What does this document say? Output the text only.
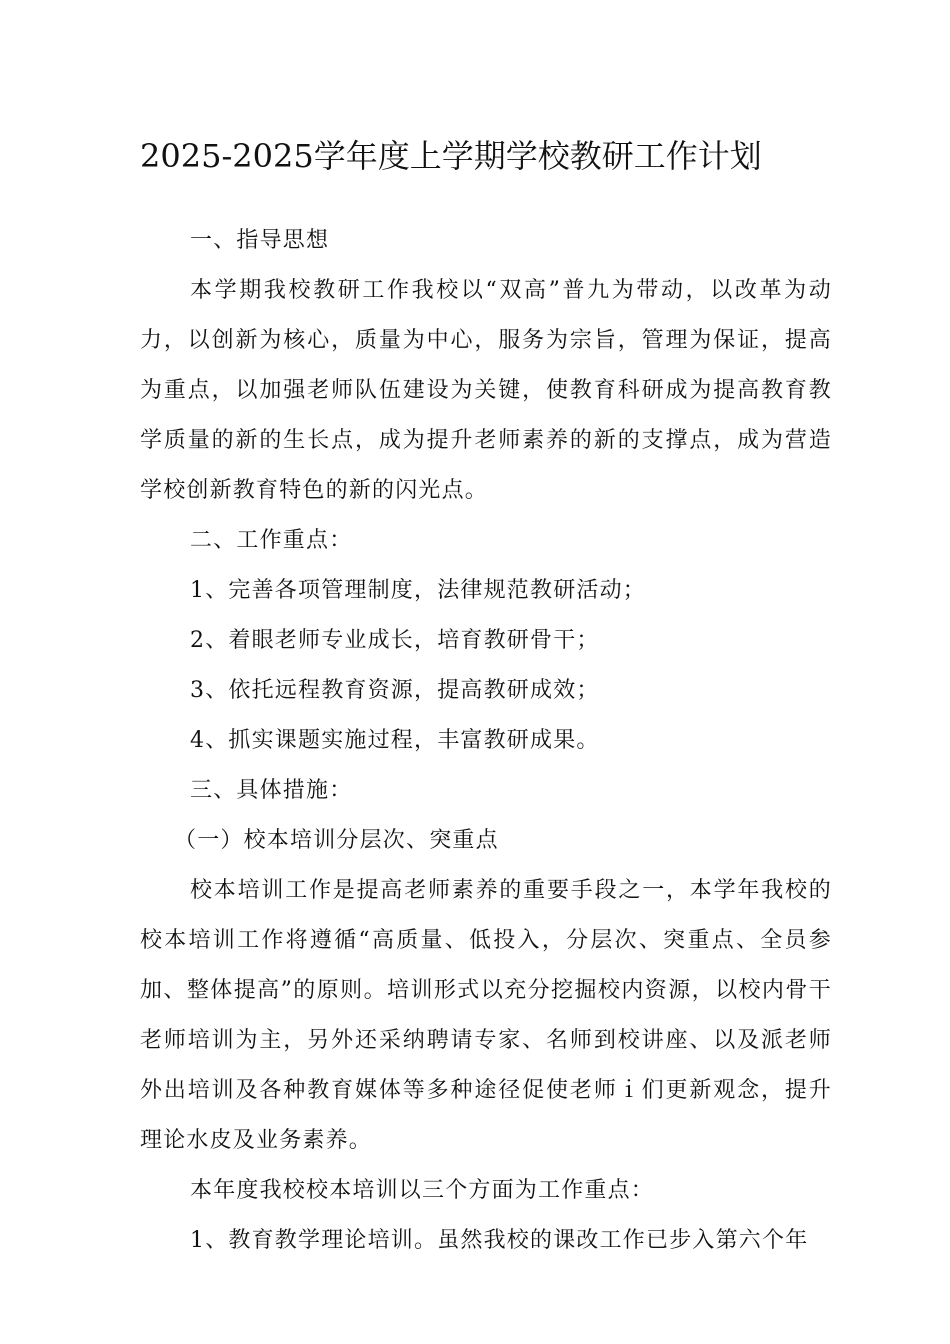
2025-2025学年度上学期学校教研工作计划

一、指导思想

本学期我校教研工作我校以“双高”普九为带动，以改革为动力，以创新为核心，质量为中心，服务为宗旨，管理为保证，提高为重点，以加强老师队伍建设为关键，使教育科研成为提高教育教学质量的新的生长点，成为提升老师素养的新的支撑点，成为营造学校创新教育特色的新的闪光点。

二、工作重点：

1、完善各项管理制度，法律规范教研活动；

2、着眼老师专业成长，培育教研骨干；

3、依托远程教育资源，提高教研成效；

4、抓实课题实施过程，丰富教研成果。

三、具体措施：

（一）校本培训分层次、突重点

校本培训工作是提高老师素养的重要手段之一，本学年我校的校本培训工作将遵循“高质量、低投入，分层次、突重点、全员参加、整体提高”的原则。培训形式以充分挖掘校内资源，以校内骨干老师培训为主，另外还采纳聘请专家、名师到校讲座、以及派老师外出培训及各种教育媒体等多种途径促使老师ｉ们更新观念，提升理论水皮及业务素养。

本年度我校校本培训以三个方面为工作重点：

1、教育教学理论培训。虽然我校的课改工作已步入第六个年
